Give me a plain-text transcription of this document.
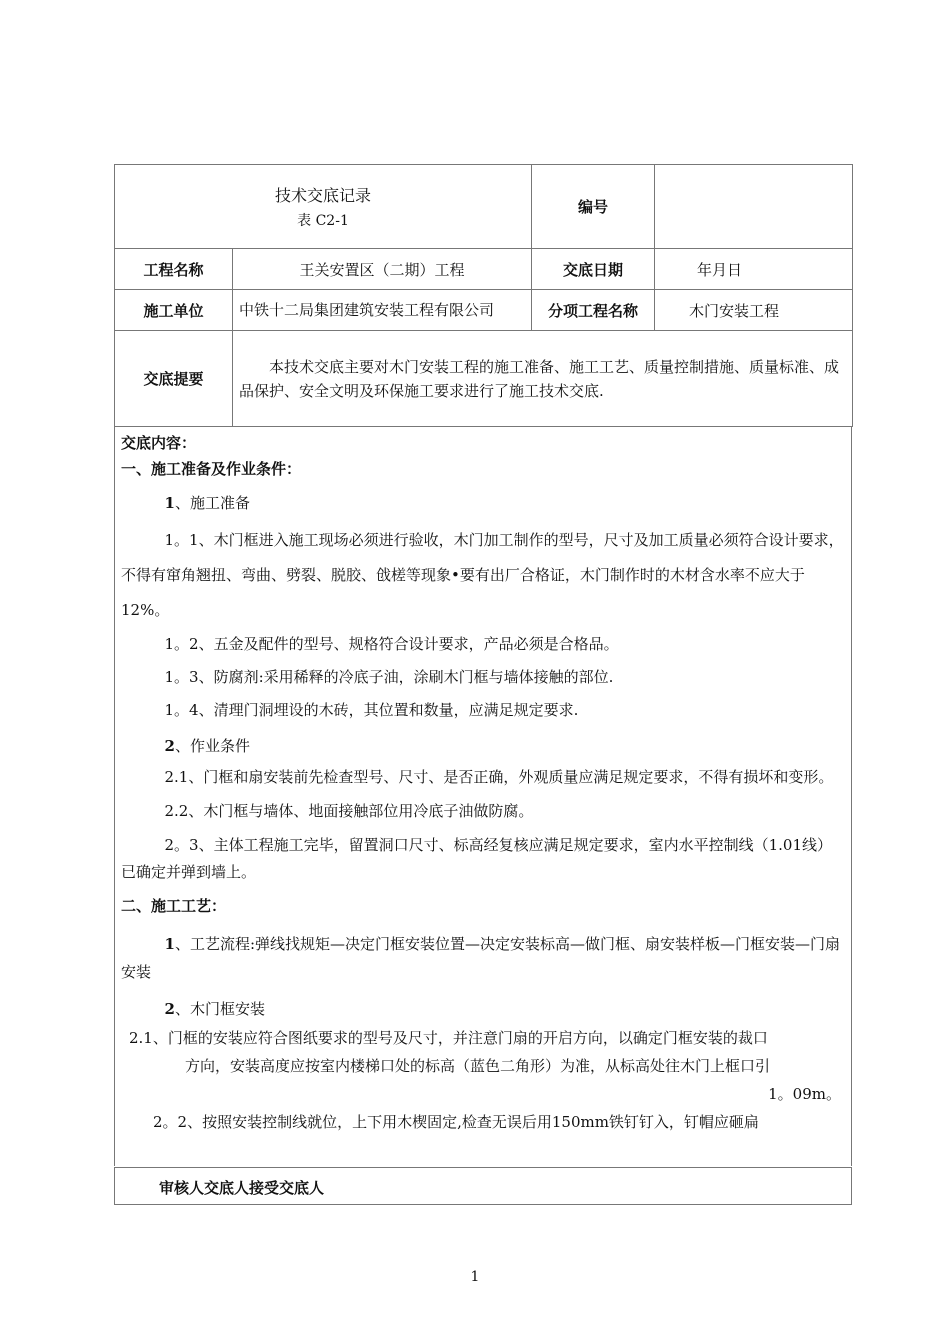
技术交底记录
表 C2-1		编号	
工程名称	王关安置区（二期）工程	交底日期	年月日
施工单位	中铁十二局集团建筑安装工程有限公司	分项工程名称	木门安装工程
交底提要	本技术交底主要对木门安装工程的施工准备、施工工艺、质量控制措施、质量标准、成品保护、安全文明及环保施工要求进行了施工技术交底.		

交底内容：

一、施工准备及作业条件：

1、施工准备

1。1、木门框进入施工现场必须进行验收，木门加工制作的型号，尺寸及加工质量必须符合设计要求，不得有窜角翘扭、弯曲、劈裂、脱胶、戗槎等现象•要有出厂合格证，木门制作时的木材含水率不应大于12%。

1。2、五金及配件的型号、规格符合设计要求，产品必须是合格品。

1。3、防腐剂:采用稀释的冷底子油，涂刷木门框与墙体接触的部位.

1。4、清理门洞埋设的木砖，其位置和数量，应满足规定要求.

2、作业条件

2.1、门框和扇安装前先检查型号、尺寸、是否正确，外观质量应满足规定要求，不得有损坏和变形。

2.2、木门框与墙体、地面接触部位用冷底子油做防腐。

2。3、主体工程施工完毕，留置洞口尺寸、标高经复核应满足规定要求，室内水平控制线（1.01线）已确定并弹到墙上。

二、施工工艺：

1、工艺流程:弹线找规矩—决定门框安装位置—决定安装标高—做门框、扇安装样板—门框安装—门扇安装

2、木门框安装

2.1、门框的安装应符合图纸要求的型号及尺寸，并注意门扇的开启方向，以确定门框安装的裁口

方向，安装高度应按室内楼梯口处的标高（蓝色二角形）为准，从标高处往木门上框口引

1。09m。

2。2、按照安装控制线就位，上下用木楔固定,检查无误后用150mm铁钉钉入，钉帽应砸扁

审核人交底人接受交底人
1
